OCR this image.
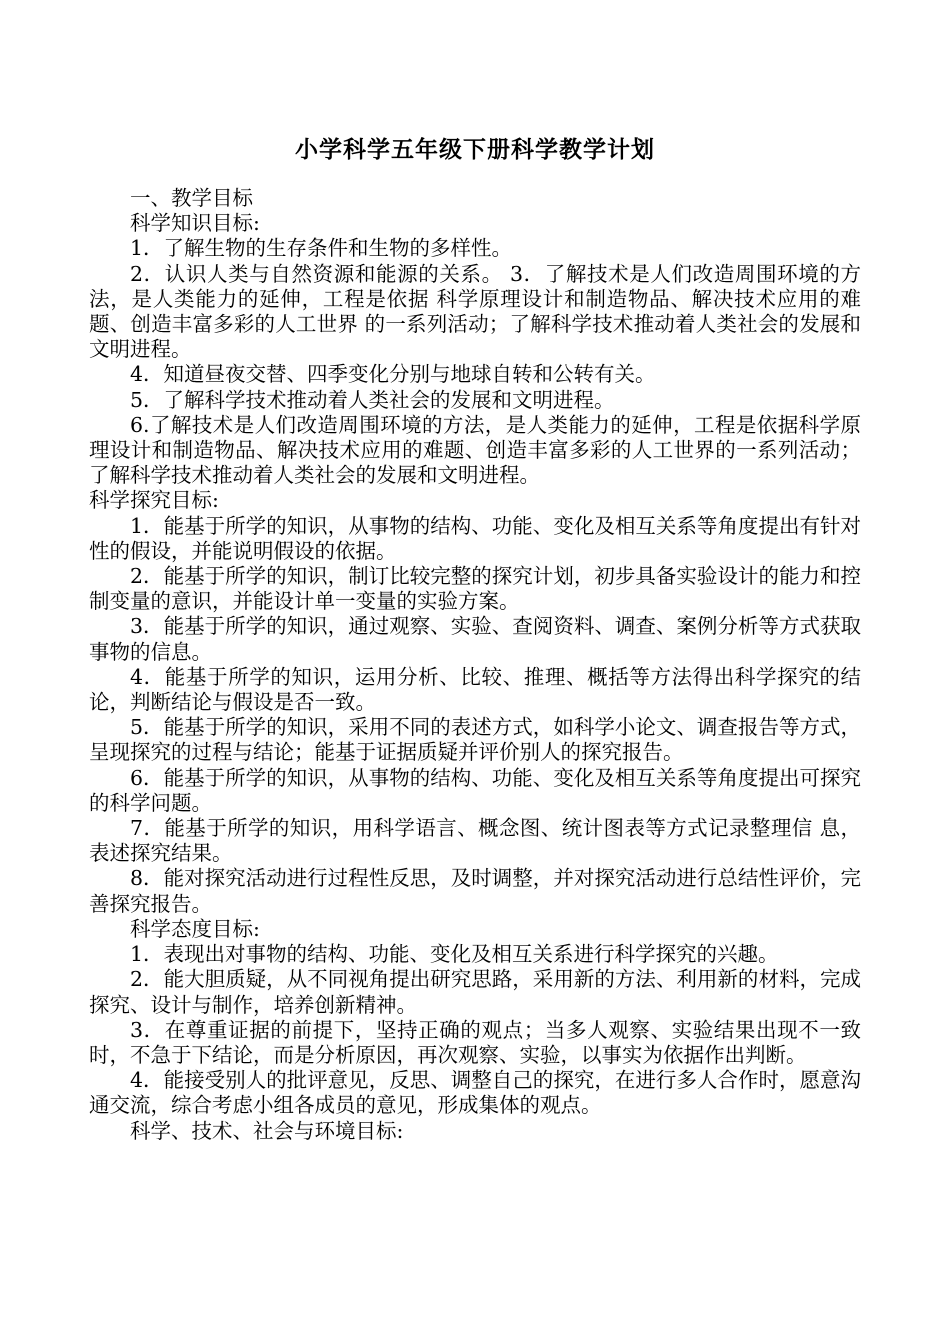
小学科学五年级下册科学教学计划

一、教学目标

科学知识目标:

1．了解生物的生存条件和生物的多样性。

2．认识人类与自然资源和能源的关系。 3．了解技术是人们改造周围环境的方法，是人类能力的延伸，工程是依据 科学原理设计和制造物品、解决技术应用的难题、创造丰富多彩的人工世界 的一系列活动；了解科学技术推动着人类社会的发展和文明进程。

4．知道昼夜交替、四季变化分别与地球自转和公转有关。

5．了解科学技术推动着人类社会的发展和文明进程。

6.了解技术是人们改造周围环境的方法，是人类能力的延伸，工程是依据科学原理设计和制造物品、解决技术应用的难题、创造丰富多彩的人工世界的一系列活动；了解科学技术推动着人类社会的发展和文明进程。

科学探究目标:

1．能基于所学的知识，从事物的结构、功能、变化及相互关系等角度提出有针对性的假设，并能说明假设的依据。

2．能基于所学的知识，制订比较完整的探究计划，初步具备实验设计的能力和控制变量的意识，并能设计单一变量的实验方案。

3．能基于所学的知识，通过观察、实验、查阅资料、调查、案例分析等方式获取事物的信息。

4．能基于所学的知识，运用分析、比较、推理、概括等方法得出科学探究的结论，判断结论与假设是否一致。

5．能基于所学的知识，采用不同的表述方式，如科学小论文、调查报告等方式，呈现探究的过程与结论；能基于证据质疑并评价别人的探究报告。

6．能基于所学的知识，从事物的结构、功能、变化及相互关系等角度提出可探究的科学问题。

7．能基于所学的知识，用科学语言、概念图、统计图表等方式记录整理信 息，表述探究结果。

8．能对探究活动进行过程性反思，及时调整，并对探究活动进行总结性评价，完善探究报告。

科学态度目标:

1．表现出对事物的结构、功能、变化及相互关系进行科学探究的兴趣。

2．能大胆质疑，从不同视角提出研究思路，采用新的方法、利用新的材料，完成探究、设计与制作，培养创新精神。

3．在尊重证据的前提下，坚持正确的观点；当多人观察、实验结果出现不一致时，不急于下结论，而是分析原因，再次观察、实验，以事实为依据作出判断。

4．能接受别人的批评意见，反思、调整自己的探究，在进行多人合作时，愿意沟通交流，综合考虑小组各成员的意见，形成集体的观点。

科学、技术、社会与环境目标:
